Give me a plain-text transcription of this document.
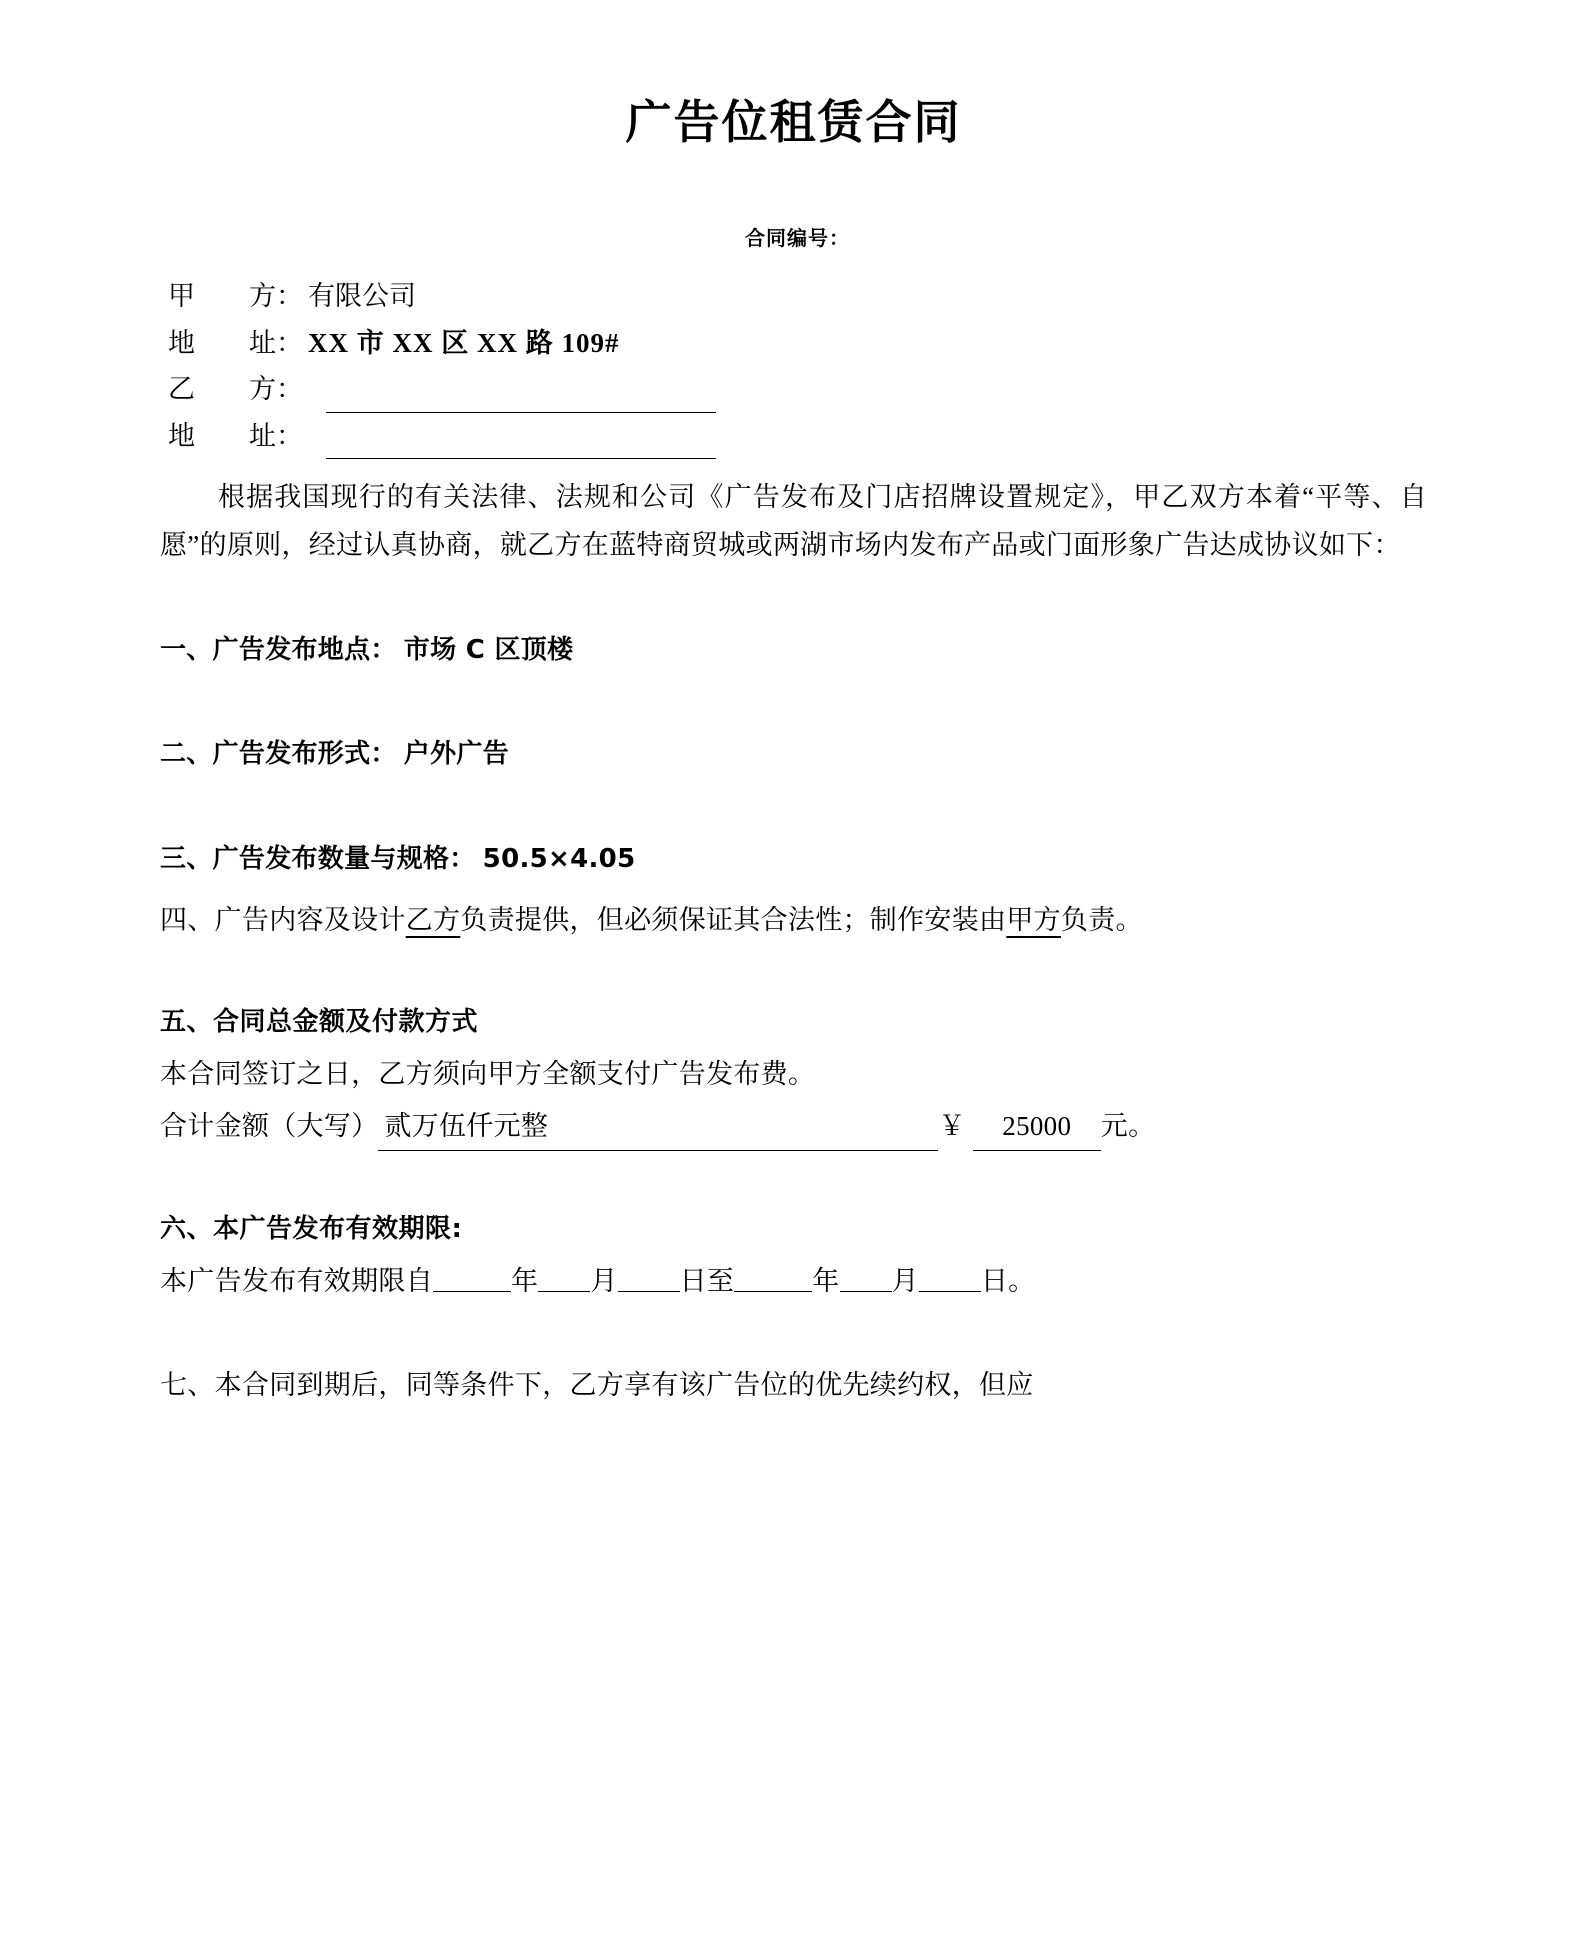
广告位租赁合同
合同编号：
甲　　方： 有限公司
地　　址： XX 市 XX 区 XX 路 109#
乙　　方：
地　　址：

根据我国现行的有关法律、法规和公司《广告发布及门店招牌设置规定》，甲乙双方本着“平等、自愿”的原则，经过认真协商，就乙方在蓝特商贸城或两湖市场内发布产品或门面形象广告达成协议如下：

一、广告发布地点： 市场 C 区顶楼
二、广告发布形式： 户外广告
三、广告发布数量与规格： 50.5×4.05

四、广告内容及设计乙方负责提供，但必须保证其合法性；制作安装由甲方负责。

五、合同总金额及付款方式
本合同签订之日，乙方须向甲方全额支付广告发布费。
合计金额（大写） 贰万伍仟元整	￥ 25000 元。
六、本广告发布有效期限:
本广告发布有效期限自	年 月 日至	年 月 日。

七、本合同到期后，同等条件下，乙方享有该广告位的优先续约权，但应
